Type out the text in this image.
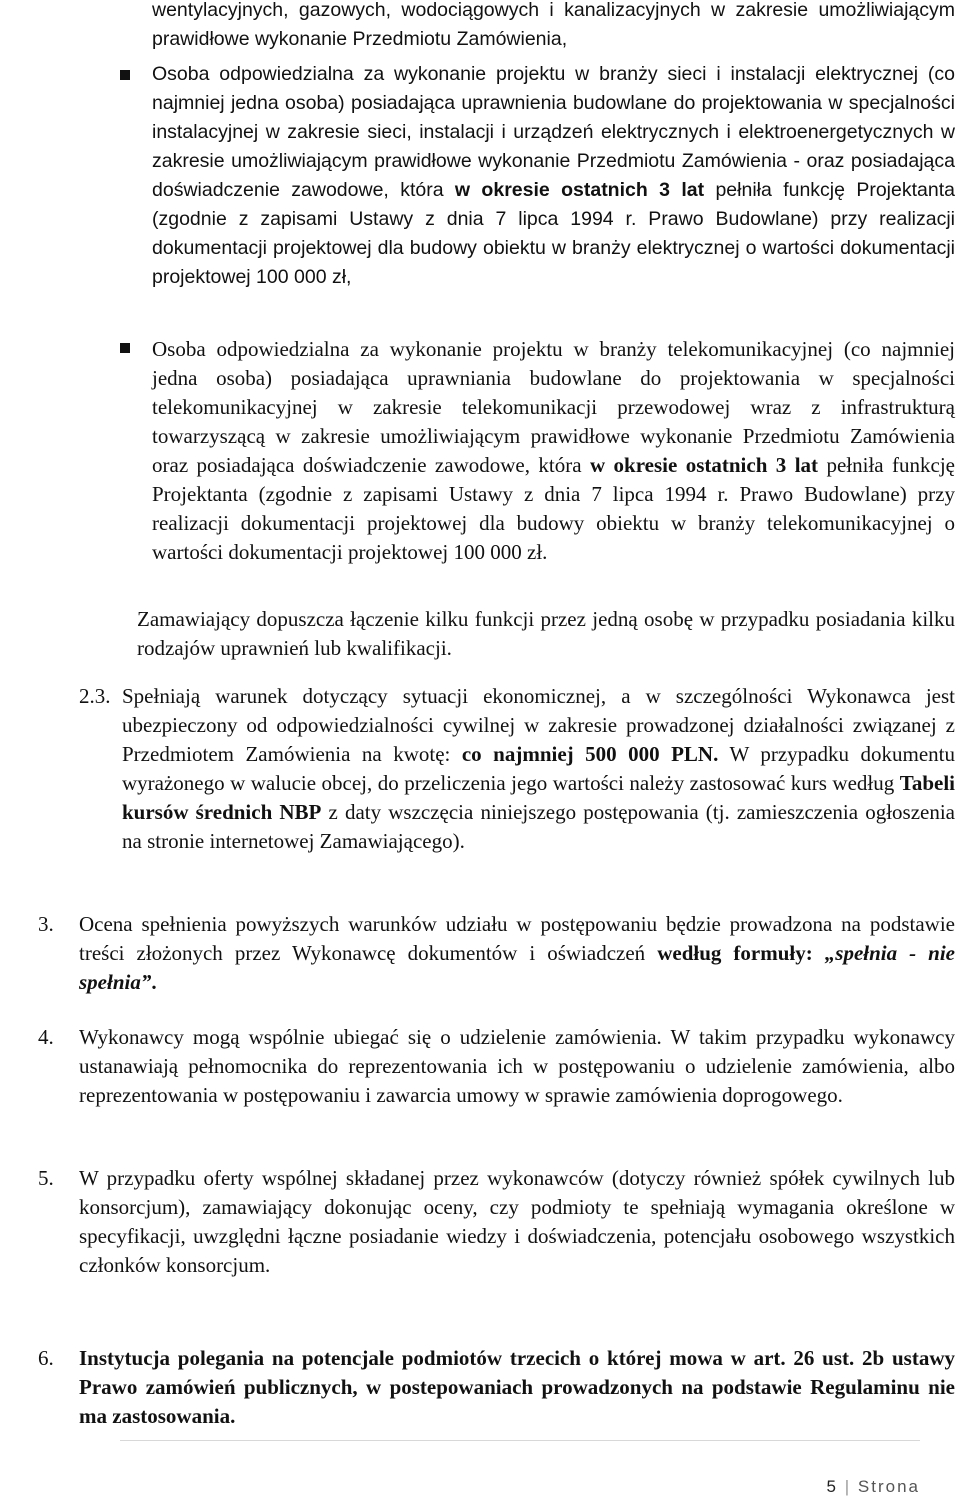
wentylacyjnych, gazowych, wodociągowych i kanalizacyjnych w zakresie umożliwiającym prawidłowe wykonanie Przedmiotu Zamówienia,

Osoba odpowiedzialna za wykonanie projektu w branży sieci i instalacji elektrycznej (co najmniej jedna osoba) posiadająca uprawnienia budowlane do projektowania w specjalności instalacyjnej w zakresie sieci, instalacji i urządzeń elektrycznych i elektroenergetycznych w zakresie umożliwiającym prawidłowe wykonanie Przedmiotu Zamówienia - oraz posiadająca doświadczenie zawodowe, która w okresie ostatnich 3 lat pełniła funkcję Projektanta (zgodnie z zapisami Ustawy z dnia 7 lipca 1994 r. Prawo Budowlane) przy realizacji dokumentacji projektowej dla budowy obiektu w branży elektrycznej o wartości dokumentacji projektowej 100 000 zł,

Osoba odpowiedzialna za wykonanie projektu w branży telekomunikacyjnej (co najmniej jedna osoba) posiadająca uprawniania budowlane do projektowania w specjalności telekomunikacyjnej w zakresie telekomunikacji przewodowej wraz z infrastrukturą towarzyszącą w zakresie umożliwiającym prawidłowe wykonanie Przedmiotu Zamówienia oraz posiadająca doświadczenie zawodowe, która w okresie ostatnich 3 lat pełniła funkcję Projektanta (zgodnie z zapisami Ustawy z dnia 7 lipca 1994 r. Prawo Budowlane) przy realizacji dokumentacji projektowej dla budowy obiektu w branży telekomunikacyjnej o wartości dokumentacji projektowej 100 000 zł.

Zamawiający dopuszcza łączenie kilku funkcji przez jedną osobę w przypadku posiadania kilku rodzajów uprawnień lub kwalifikacji.

2.3. Spełniają warunek dotyczący sytuacji ekonomicznej, a w szczególności Wykonawca jest ubezpieczony od odpowiedzialności cywilnej w zakresie prowadzonej działalności związanej z Przedmiotem Zamówienia na kwotę: co najmniej 500 000 PLN. W przypadku dokumentu wyrażonego w walucie obcej, do przeliczenia jego wartości należy zastosować kurs według Tabeli kursów średnich NBP z daty wszczęcia niniejszego postępowania (tj. zamieszczenia ogłoszenia na stronie internetowej Zamawiającego).

3. Ocena spełnienia powyższych warunków udziału w postępowaniu będzie prowadzona na podstawie treści złożonych przez Wykonawcę dokumentów i oświadczeń według formuły: „spełnia - nie spełnia”.

4. Wykonawcy mogą wspólnie ubiegać się o udzielenie zamówienia. W takim przypadku wykonawcy ustanawiają pełnomocnika do reprezentowania ich w postępowaniu o udzielenie zamówienia, albo reprezentowania w postępowaniu i zawarcia umowy w sprawie zamówienia doprogowego.

5. W przypadku oferty wspólnej składanej przez wykonawców (dotyczy również spółek cywilnych lub konsorcjum), zamawiający dokonując oceny, czy podmioty te spełniają wymagania określone w specyfikacji, uwzględni łączne posiadanie wiedzy i doświadczenia, potencjału osobowego wszystkich członków konsorcjum.

6. Instytucja polegania na potencjale podmiotów trzecich o której mowa w art. 26 ust. 2b ustawy Prawo zamówień publicznych, w postepowaniach prowadzonych na podstawie Regulaminu nie ma zastosowania.

5 | Strona
